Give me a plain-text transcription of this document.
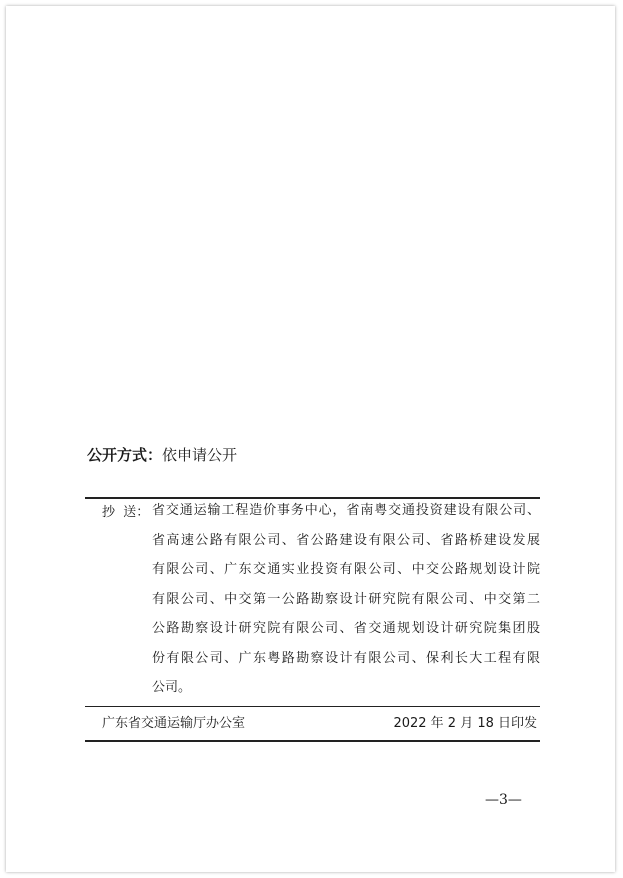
公开方式：依申请公开
抄  送： 省交通运输工程造价事务中心，省南粤交通投资建设有限公司、
省高速公路有限公司、省公路建设有限公司、省路桥建设发展
有限公司、广东交通实业投资有限公司、中交公路规划设计院
有限公司、中交第一公路勘察设计研究院有限公司、中交第二
公路勘察设计研究院有限公司、省交通规划设计研究院集团股
份有限公司、广东粤路勘察设计有限公司、保利长大工程有限
公司。
广东省交通运输厅办公室	2022 年 2 月 18 日印发
—3—
